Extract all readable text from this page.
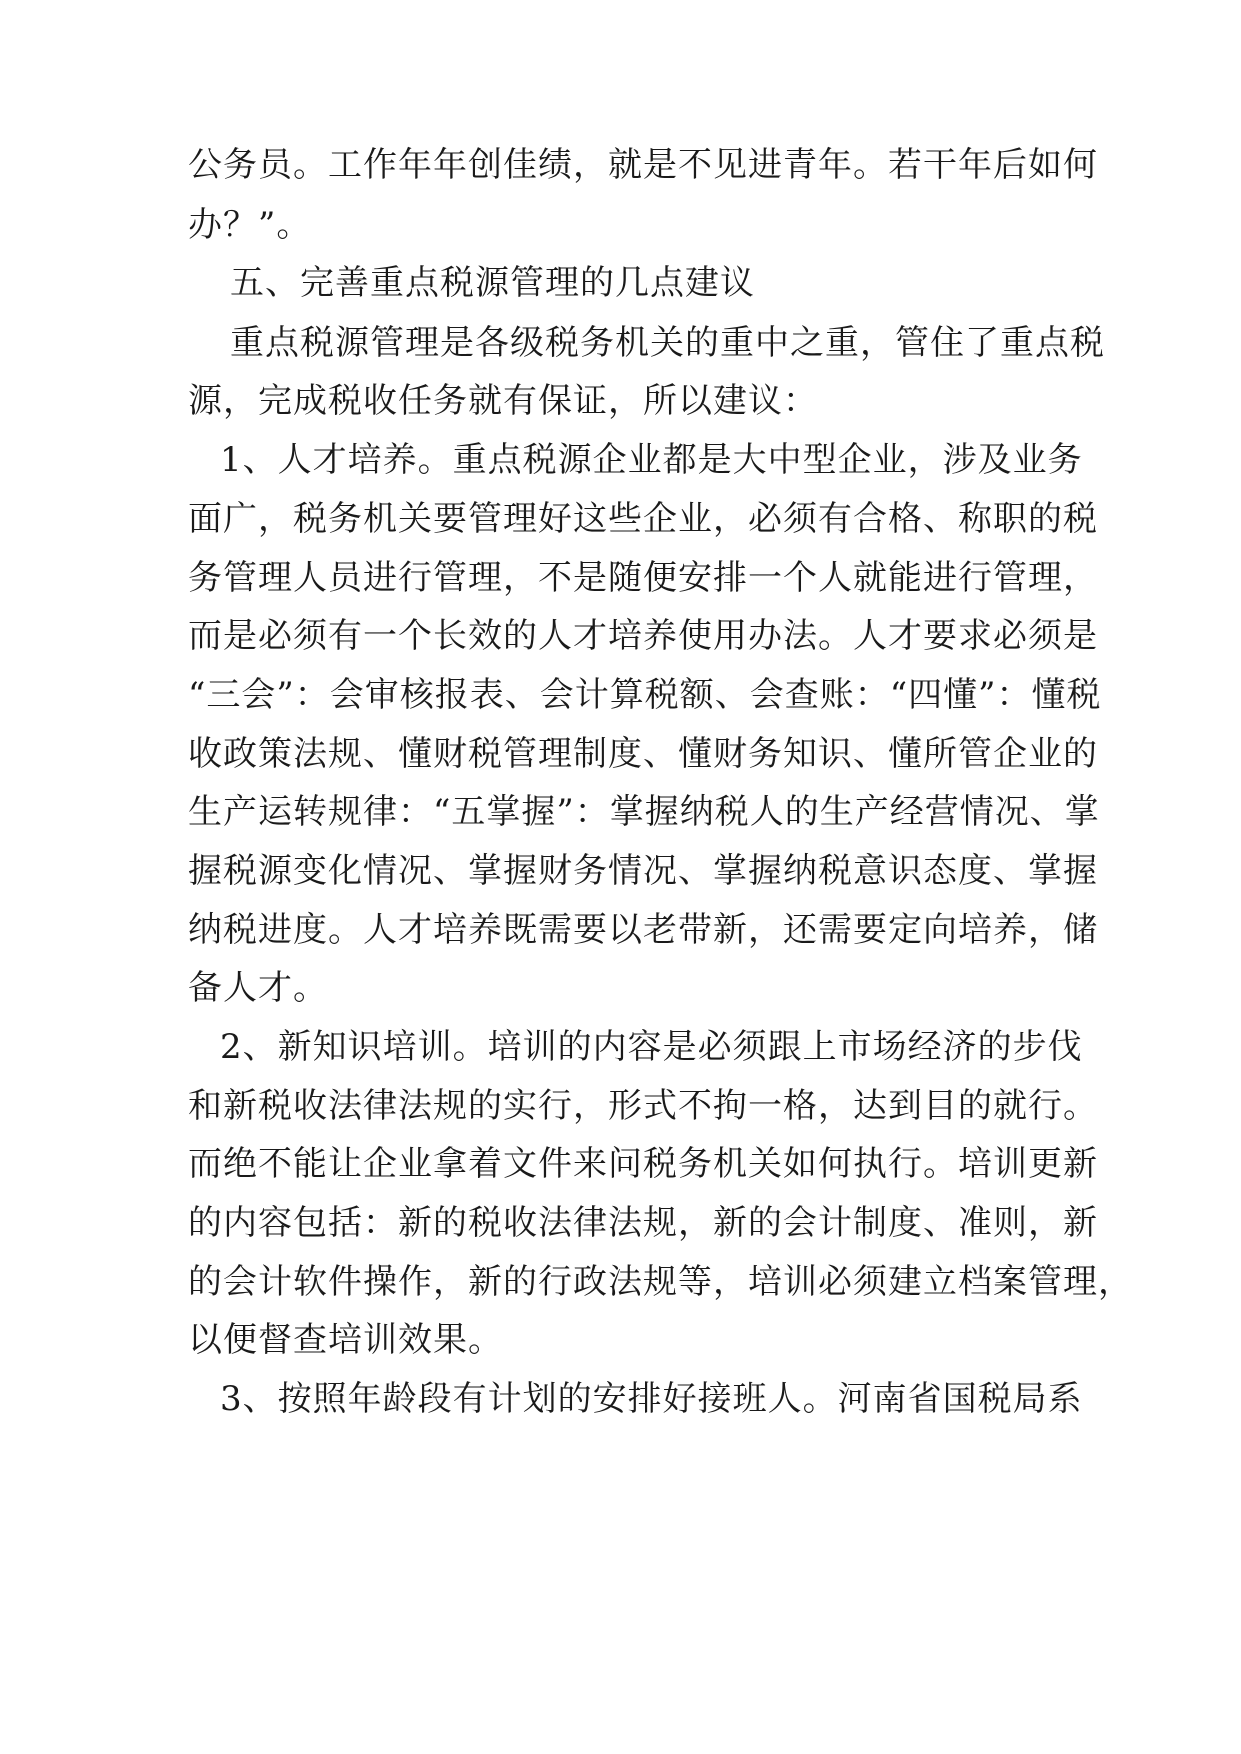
公务员。工作年年创佳绩，就是不见进青年。若干年后如何
办？”。
五、完善重点税源管理的几点建议
重点税源管理是各级税务机关的重中之重，管住了重点税
源，完成税收任务就有保证，所以建议：
1、人才培养。重点税源企业都是大中型企业，涉及业务
面广，税务机关要管理好这些企业，必须有合格、称职的税
务管理人员进行管理，不是随便安排一个人就能进行管理，
而是必须有一个长效的人才培养使用办法。人才要求必须是
“三会”：会审核报表、会计算税额、会查账：“四懂”：懂税
收政策法规、懂财税管理制度、懂财务知识、懂所管企业的
生产运转规律：“五掌握”：掌握纳税人的生产经营情况、掌
握税源变化情况、掌握财务情况、掌握纳税意识态度、掌握
纳税进度。人才培养既需要以老带新，还需要定向培养，储
备人才。
2、新知识培训。培训的内容是必须跟上市场经济的步伐
和新税收法律法规的实行，形式不拘一格，达到目的就行。
而绝不能让企业拿着文件来问税务机关如何执行。培训更新
的内容包括：新的税收法律法规，新的会计制度、准则，新
的会计软件操作，新的行政法规等，培训必须建立档案管理，
以便督查培训效果。
3、按照年龄段有计划的安排好接班人。河南省国税局系
